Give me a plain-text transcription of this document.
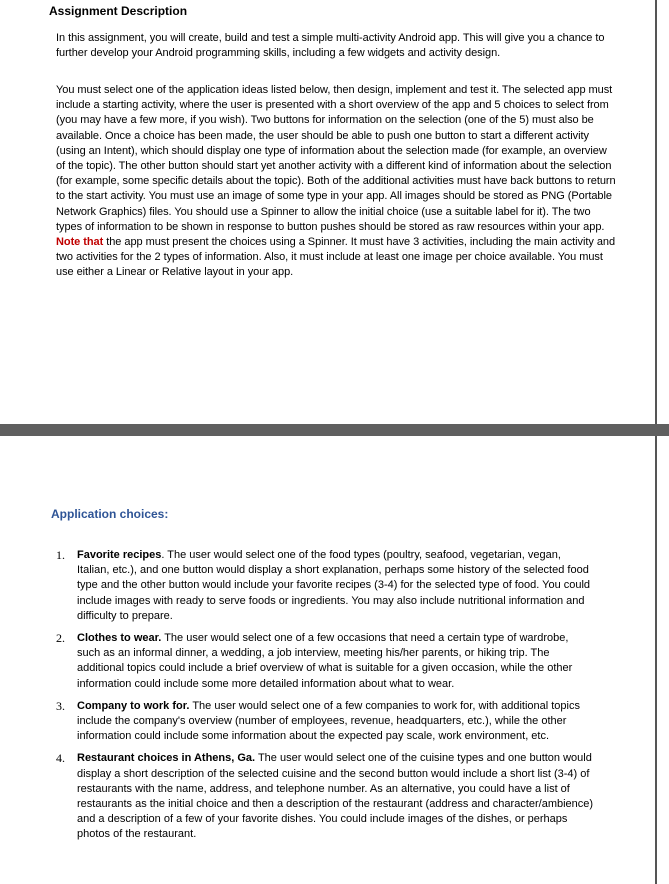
Assignment Description

In this assignment, you will create, build and test a simple multi-activity Android app. This will give you a chance to further develop your Android programming skills, including a few widgets and activity design.

You must select one of the application ideas listed below, then design, implement and test it. The selected app must include a starting activity, where the user is presented with a short overview of the app and 5 choices to select from (you may have a few more, if you wish). Two buttons for information on the selection (one of the 5) must also be available. Once a choice has been made, the user should be able to push one button to start a different activity (using an Intent), which should display one type of information about the selection made (for example, an overview of the topic). The other button should start yet another activity with a different kind of information about the selection (for example, some specific details about the topic). Both of the additional activities must have back buttons to return to the start activity. You must use an image of some type in your app. All images should be stored as PNG (Portable Network Graphics) files. You should use a Spinner to allow the initial choice (use a suitable label for it). The two types of information to be shown in response to button pushes should be stored as raw resources within your app.
Note that the app must present the choices using a Spinner. It must have 3 activities, including the main activity and two activities for the 2 types of information. Also, it must include at least one image per choice available. You must use either a Linear or Relative layout in your app.

Application choices:
1. Favorite recipes. The user would select one of the food types (poultry, seafood, vegetarian, vegan, Italian, etc.), and one button would display a short explanation, perhaps some history of the selected food type and the other button would include your favorite recipes (3-4) for the selected type of food. You could include images with ready to serve foods or ingredients. You may also include nutritional information and difficulty to prepare.
2. Clothes to wear. The user would select one of a few occasions that need a certain type of wardrobe, such as an informal dinner, a wedding, a job interview, meeting his/her parents, or hiking trip. The additional topics could include a brief overview of what is suitable for a given occasion, while the other information could include some more detailed information about what to wear.
3. Company to work for. The user would select one of a few companies to work for, with additional topics include the company's overview (number of employees, revenue, headquarters, etc.), while the other information could include some information about the expected pay scale, work environment, etc.
4. Restaurant choices in Athens, Ga. The user would select one of the cuisine types and one button would display a short description of the selected cuisine and the second button would include a short list (3-4) of restaurants with the name, address, and telephone number. As an alternative, you could have a list of restaurants as the initial choice and then a description of the restaurant (address and character/ambience) and a description of a few of your favorite dishes. You could include images of the dishes, or perhaps photos of the restaurant.
